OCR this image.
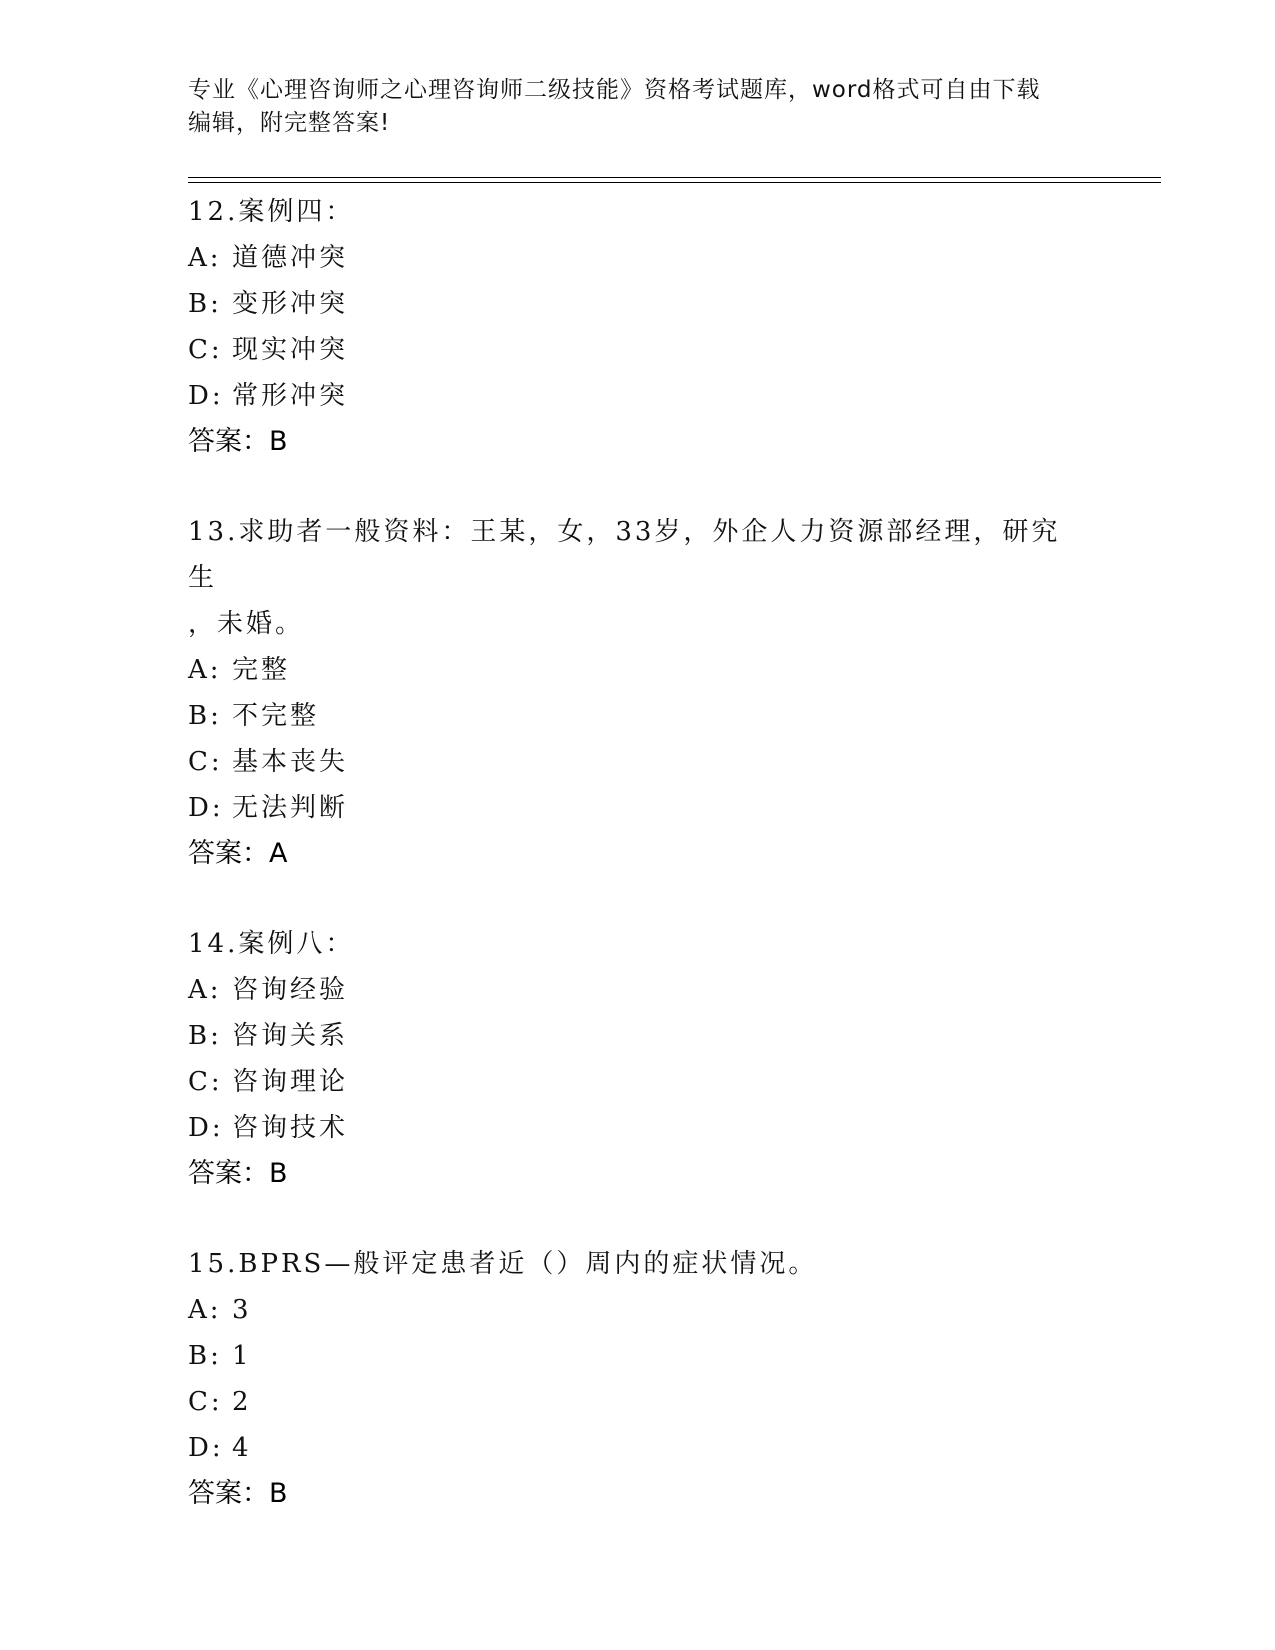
专业《心理咨询师之心理咨询师二级技能》资格考试题库，word格式可自由下载
编辑，附完整答案!
12.案例四：
A: 道德冲突
B: 变形冲突
C: 现实冲突
D: 常形冲突
答案：B
13.求助者一般资料：王某，女，33岁，外企人力资源部经理，研究生
，未婚。
A: 完整
B: 不完整
C: 基本丧失
D: 无法判断
答案：A
14.案例八：
A: 咨询经验
B: 咨询关系
C: 咨询理论
D: 咨询技术
答案：B
15.BPRS—般评定患者近（）周内的症状情况。
A: 3
B: 1
C: 2
D: 4
答案：B
